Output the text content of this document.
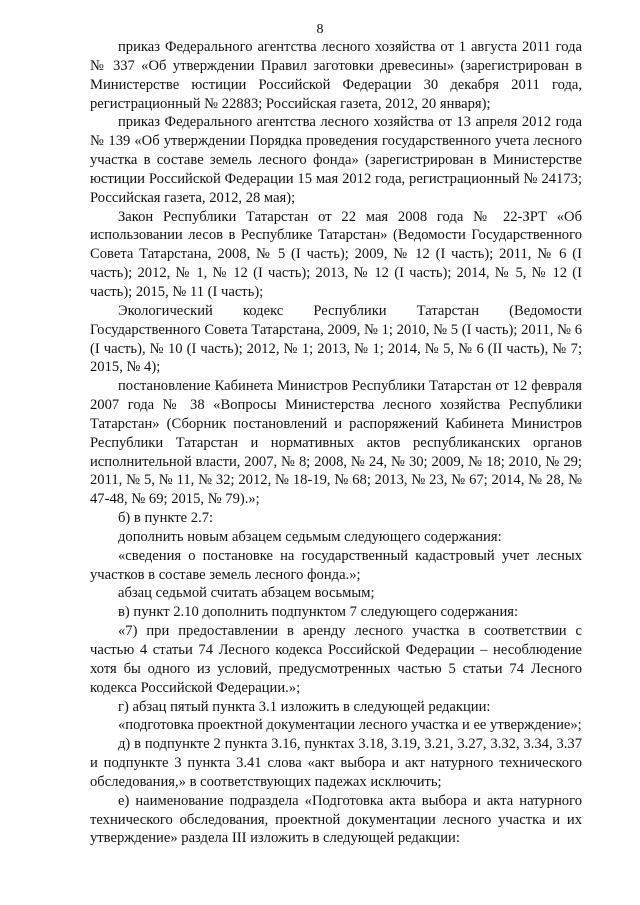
8

приказ Федерального агентства лесного хозяйства от 1 августа 2011 года № 337 «Об утверждении Правил заготовки древесины» (зарегистрирован в Министерстве юстиции Российской Федерации 30 декабря 2011 года, регистрационный № 22883; Российская газета, 2012, 20 января);

приказ Федерального агентства лесного хозяйства от 13 апреля 2012 года № 139 «Об утверждении Порядка проведения государственного учета лесного участка в составе земель лесного фонда» (зарегистрирован в Министерстве юстиции Российской Федерации 15 мая 2012 года, регистрационный № 24173; Российская газета, 2012, 28 мая);

Закон Республики Татарстан от 22 мая 2008 года № 22-ЗРТ «Об использовании лесов в Республике Татарстан» (Ведомости Государственного Совета Татарстана, 2008, № 5 (I часть); 2009, № 12 (I часть); 2011, № 6 (I часть); 2012, № 1, № 12 (I часть); 2013, № 12 (I часть); 2014, № 5, № 12 (I часть); 2015, № 11 (I часть);

Экологический кодекс Республики Татарстан (Ведомости Государственного Совета Татарстана, 2009, № 1; 2010, № 5 (I часть); 2011, № 6 (I часть), № 10 (I часть); 2012, № 1; 2013, № 1; 2014, № 5, № 6 (II часть), № 7; 2015, № 4);

постановление Кабинета Министров Республики Татарстан от 12 февраля 2007 года № 38 «Вопросы Министерства лесного хозяйства Республики Татарстан» (Сборник постановлений и распоряжений Кабинета Министров Республики Татарстан и нормативных актов республиканских органов исполнительной власти, 2007, № 8; 2008, № 24, № 30; 2009, № 18; 2010, № 29; 2011, № 5, № 11, № 32; 2012, № 18-19, № 68; 2013, № 23, № 67; 2014, № 28, № 47-48, № 69; 2015, № 79).»;

б) в пункте 2.7:

дополнить новым абзацем седьмым следующего содержания:

«сведения о постановке на государственный кадастровый учет лесных участков в составе земель лесного фонда.»;

абзац седьмой считать абзацем восьмым;

в) пункт 2.10 дополнить подпунктом 7 следующего содержания:

«7) при предоставлении в аренду лесного участка в соответствии с частью 4 статьи 74 Лесного кодекса Российской Федерации – несоблюдение хотя бы одного из условий, предусмотренных частью 5 статьи 74 Лесного кодекса Российской Федерации.»;

г) абзац пятый пункта 3.1 изложить в следующей редакции:

«подготовка проектной документации лесного участка и ее утверждение»;

д) в подпункте 2 пункта 3.16, пунктах 3.18, 3.19, 3.21, 3.27, 3.32, 3.34, 3.37 и подпункте 3 пункта 3.41 слова «акт выбора и акт натурного технического обследования,» в соответствующих падежах исключить;

е) наименование подраздела «Подготовка акта выбора и акта натурного технического обследования, проектной документации лесного участка и их утверждение» раздела III изложить в следующей редакции:
